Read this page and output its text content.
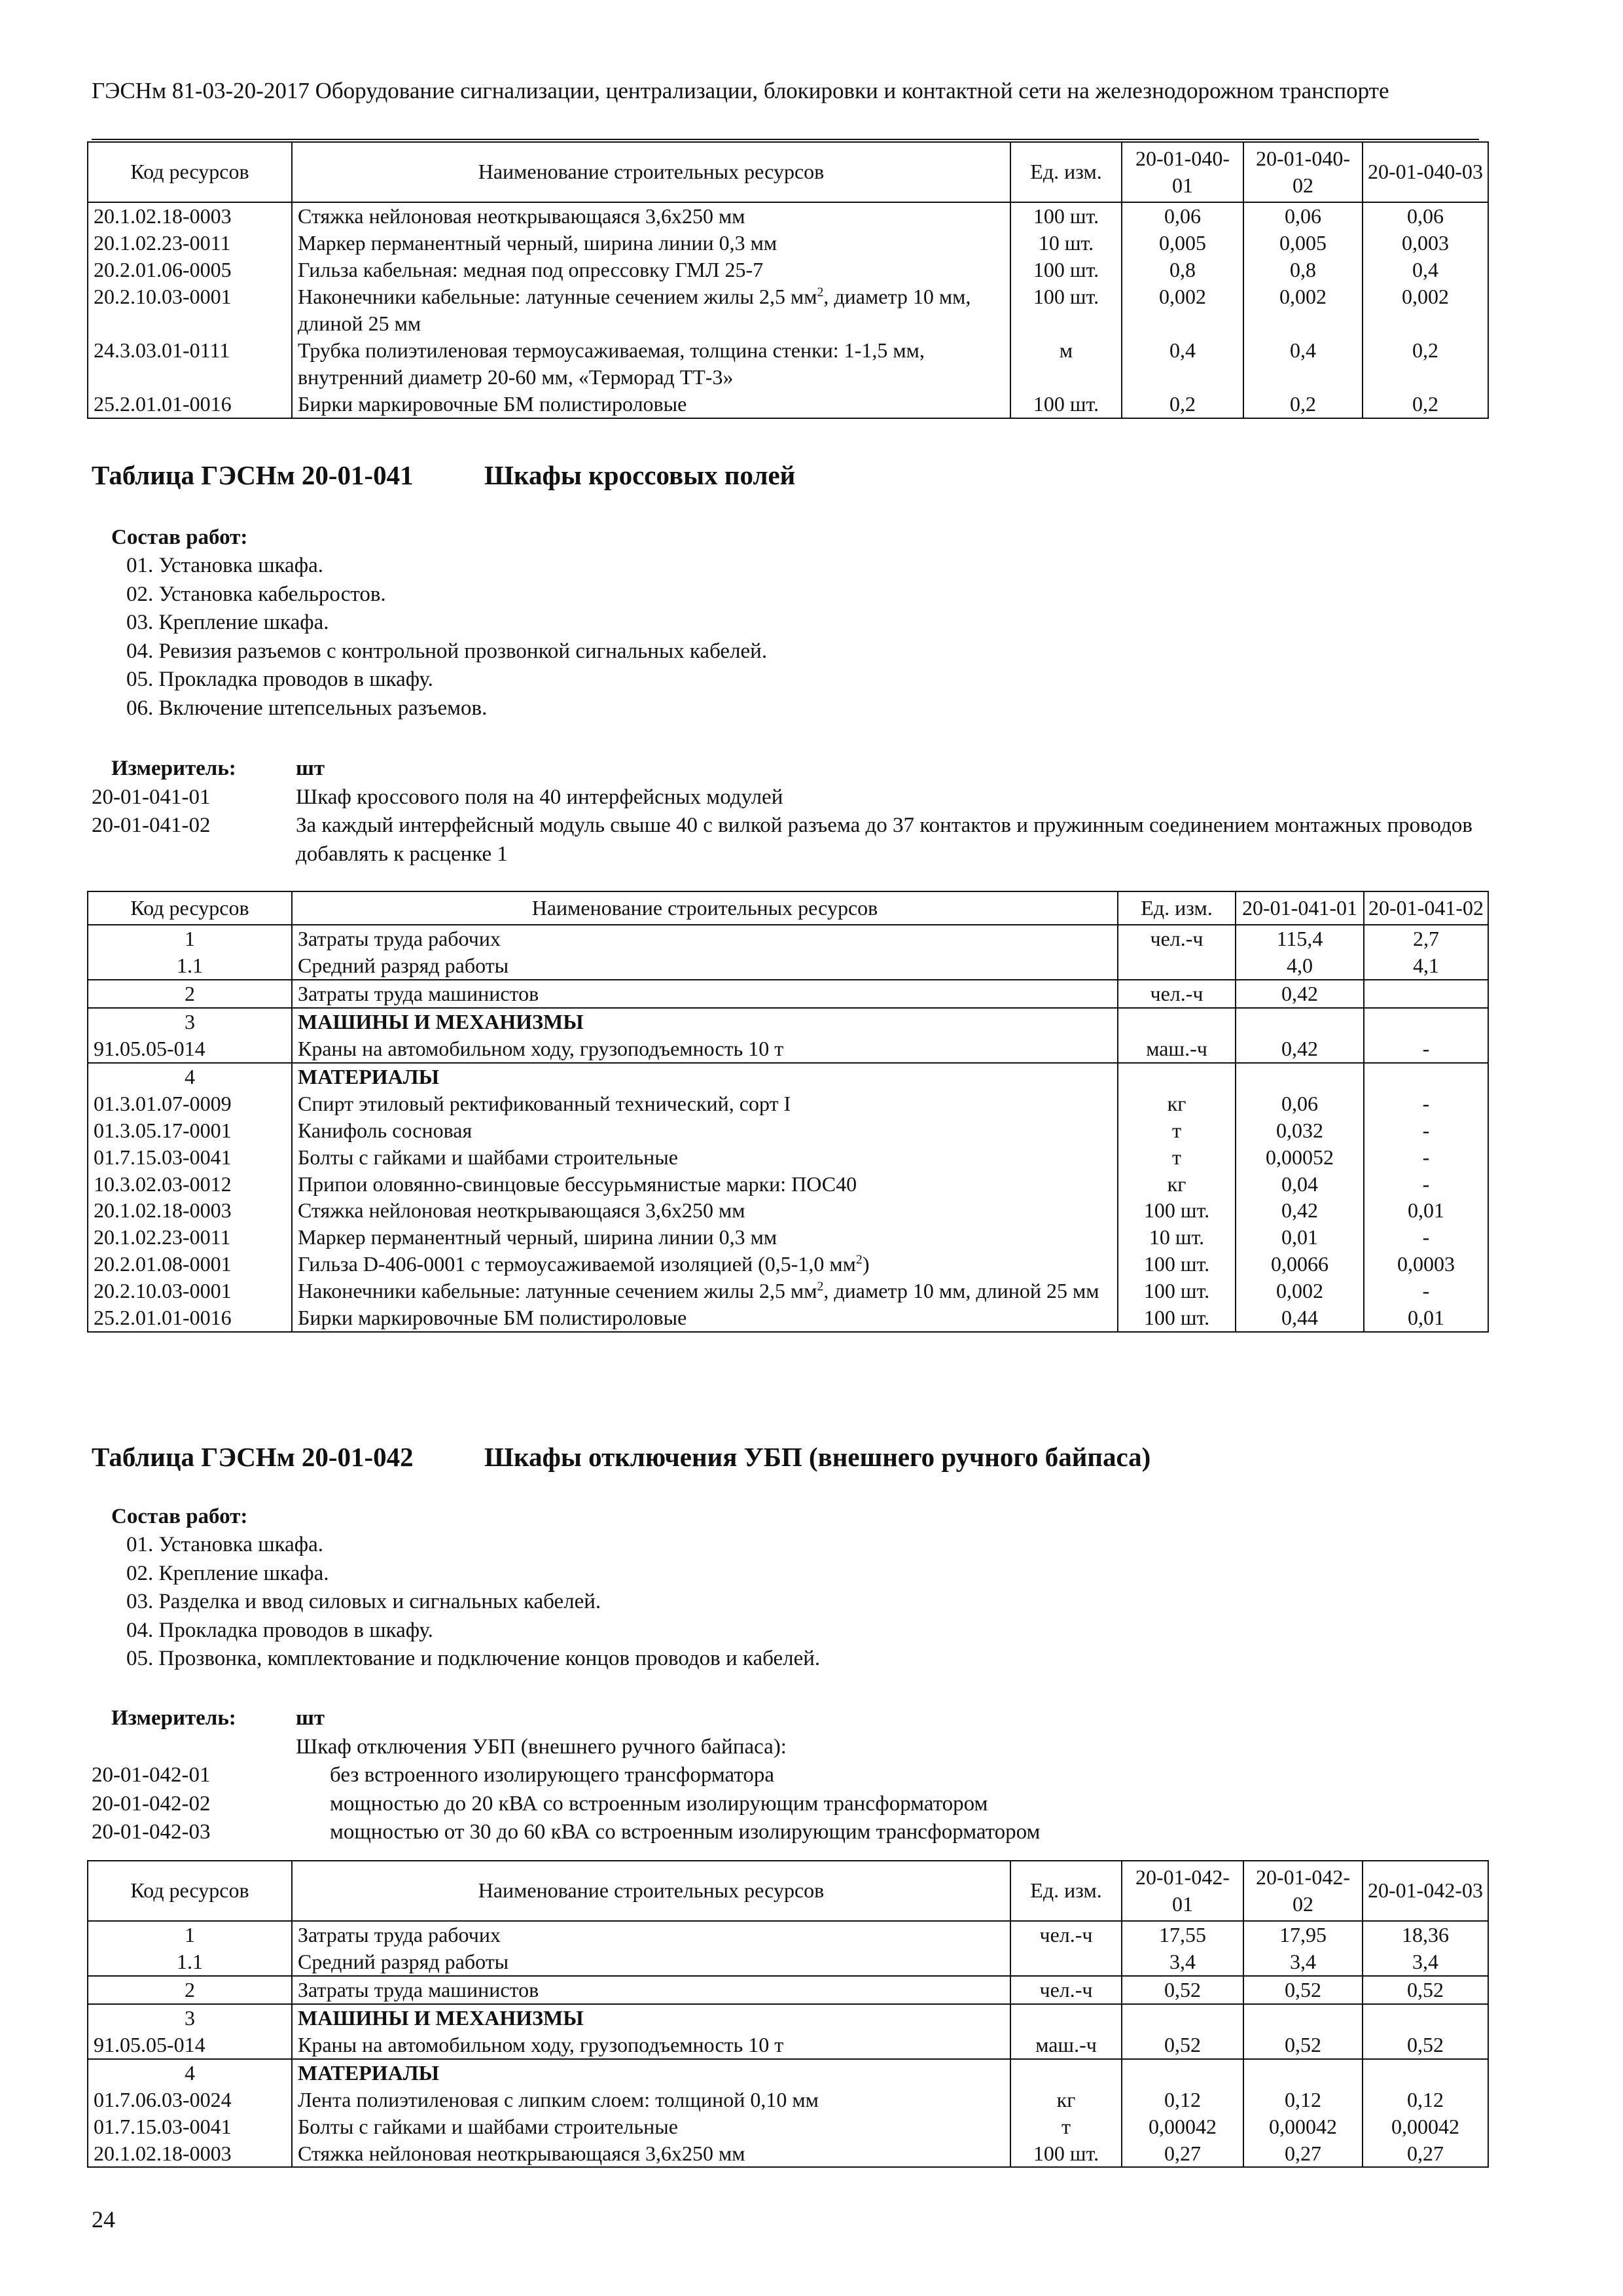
ГЭСНм 81-03-20-2017 Оборудование сигнализации, централизации, блокировки и контактной сети на железнодорожном транспорте
Код ресурсов	Наименование строительных ресурсов	Ед. изм.	20-01-040-01	20-01-040-02	20-01-040-03
20.1.02.18-0003	Стяжка нейлоновая неоткрывающаяся 3,6х250 мм	100 шт.	0,06	0,06	0,06
20.1.02.23-0011	Маркер перманентный черный, ширина линии 0,3 мм	10 шт.	0,005	0,005	0,003
20.2.01.06-0005	Гильза кабельная: медная под опрессовку ГМЛ 25-7	100 шт.	0,8	0,8	0,4
20.2.10.03-0001	Наконечники кабельные: латунные сечением жилы 2,5 $мм^2$, диаметр 10 мм, длиной 25 мм	100 шт.	0,002	0,002	0,002
24.3.03.01-0111	Трубка полиэтиленовая термоусаживаемая, толщина стенки: 1-1,5 мм, внутренний диаметр 20-60 мм, «Терморад ТТ-3»	м	0,4	0,4	0,2
25.2.01.01-0016	Бирки маркировочные БМ полистироловые	100 шт.	0,2	0,2	0,2
Таблица ГЭСНм 20-01-041	Шкафы кроссовых полей
Состав работ:
01. Установка шкафа.
02. Установка кабельростов.
03. Крепление шкафа.
04. Ревизия разъемов с контрольной прозвонкой сигнальных кабелей.
05. Прокладка проводов в шкафу.
06. Включение штепсельных разъемов.
Измеритель:	шт
20-01-041-01	Шкаф кроссового поля на 40 интерфейсных модулей
20-01-041-02	За каждый интерфейсный модуль свыше 40 с вилкой разъема до 37 контактов и пружинным соединением монтажных проводов добавлять к расценке 1
Код ресурсов	Наименование строительных ресурсов	Ед. изм.	20-01-041-01	20-01-041-02
1	Затраты труда рабочих	чел.-ч	115,4	2,7
1.1	Средний разряд работы		4,0	4,1
2	Затраты труда машинистов	чел.-ч	0,42	
3	МАШИНЫ И МЕХАНИЗМЫ			
91.05.05-014	Краны на автомобильном ходу, грузоподъемность 10 т	маш.-ч	0,42	-
4	МАТЕРИАЛЫ			
01.3.01.07-0009	Спирт этиловый ректификованный технический, сорт I	кг	0,06	-
01.3.05.17-0001	Канифоль сосновая	т	0,032	-
01.7.15.03-0041	Болты с гайками и шайбами строительные	т	0,00052	-
10.3.02.03-0012	Припои оловянно-свинцовые бессурьмянистые марки: ПОС40	кг	0,04	-
20.1.02.18-0003	Стяжка нейлоновая неоткрывающаяся 3,6х250 мм	100 шт.	0,42	0,01
20.1.02.23-0011	Маркер перманентный черный, ширина линии 0,3 мм	10 шт.	0,01	-
20.2.01.08-0001	Гильза D-406-0001 с термоусаживаемой изоляцией (0,5-1,0 $мм^2$)	100 шт.	0,0066	0,0003
20.2.10.03-0001	Наконечники кабельные: латунные сечением жилы 2,5 $мм^2$, диаметр 10 мм, длиной 25 мм	100 шт.	0,002	-
25.2.01.01-0016	Бирки маркировочные БМ полистироловые	100 шт.	0,44	0,01
Таблица ГЭСНм 20-01-042	Шкафы отключения УБП (внешнего ручного байпаса)
Состав работ:
01. Установка шкафа.
02. Крепление шкафа.
03. Разделка и ввод силовых и сигнальных кабелей.
04. Прокладка проводов в шкафу.
05. Прозвонка, комплектование и подключение концов проводов и кабелей.
Измеритель:	шт
Шкаф отключения УБП (внешнего ручного байпаса):
20-01-042-01	без встроенного изолирующего трансформатора
20-01-042-02	мощностью до 20 кВА со встроенным изолирующим трансформатором
20-01-042-03	мощностью от 30 до 60 кВА со встроенным изолирующим трансформатором
Код ресурсов	Наименование строительных ресурсов	Ед. изм.	20-01-042-01	20-01-042-02	20-01-042-03
1	Затраты труда рабочих	чел.-ч	17,55	17,95	18,36
1.1	Средний разряд работы		3,4	3,4	3,4
2	Затраты труда машинистов	чел.-ч	0,52	0,52	0,52
3	МАШИНЫ И МЕХАНИЗМЫ				
91.05.05-014	Краны на автомобильном ходу, грузоподъемность 10 т	маш.-ч	0,52	0,52	0,52
4	МАТЕРИАЛЫ				
01.7.06.03-0024	Лента полиэтиленовая с липким слоем: толщиной 0,10 мм	кг	0,12	0,12	0,12
01.7.15.03-0041	Болты с гайками и шайбами строительные	т	0,00042	0,00042	0,00042
20.1.02.18-0003	Стяжка нейлоновая неоткрывающаяся 3,6х250 мм	100 шт.	0,27	0,27	0,27
24
